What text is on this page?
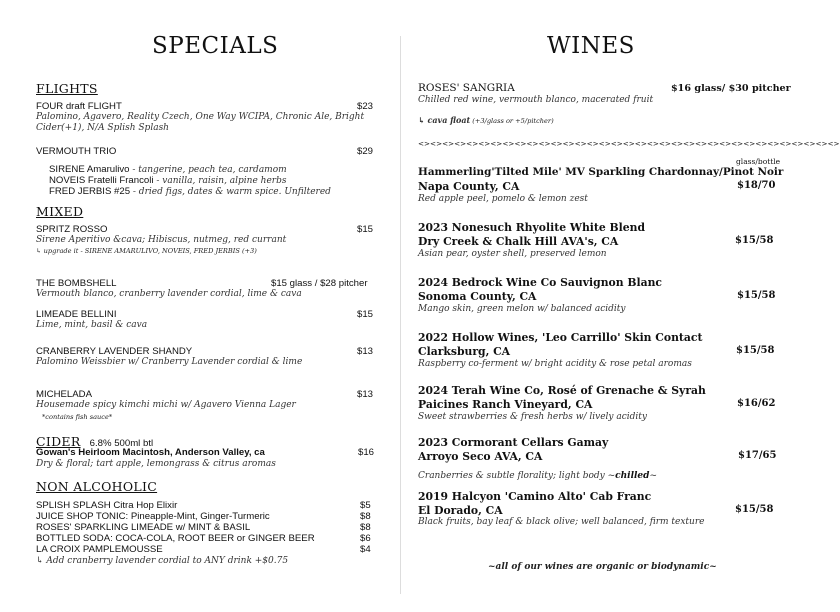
SPECIALS
FLIGHTS
FOUR draft FLIGHT	$23
Palomino, Agavero, Reality Czech, One Way WCIPA, Chronic Ale, Bright Cider(+1), N/A Splish Splash
VERMOUTH TRIO	$29
SIRENE Amarulivo - tangerine, peach tea, cardamom
NOVEIS Fratelli Francoli - vanilla, raisin, alpine herbs
FRED JERBIS #25 - dried figs, dates & warm spice. Unfiltered
MIXED
SPRITZ ROSSO	$15
Sirene Aperitivo &cava; Hibiscus, nutmeg, red currant
↳ upgrade it - SIRENE AMARULIVO, NOVEIS, FRED JERBIS (+3)
THE BOMBSHELL	$15 glass / $28 pitcher
Vermouth blanco, cranberry lavender cordial, lime & cava
LIMEADE BELLINI	$15
Lime, mint, basil & cava
CRANBERRY LAVENDER SHANDY	$13
Palomino Weissbier w/ Cranberry Lavender cordial & lime
MICHELADA	$13
Housemade spicy kimchi michi w/ Agavero Vienna Lager
*contains fish sauce*
CIDER 6.8% 500ml btl
Gowan's Heirloom Macintosh, Anderson Valley, ca	$16
Dry & floral; tart apple, lemongrass & citrus aromas
NON ALCOHOLIC
SPLISH SPLASH Citra Hop Elixir	$5
JUICE SHOP TONIC: Pineapple-Mint, Ginger-Turmeric	$8
ROSES' SPARKLING LIMEADE w/ MINT & BASIL	$8
BOTTLED SODA: COCA-COLA, ROOT BEER or GINGER BEER	$6
LA CROIX PAMPLEMOUSSE	$4
↳ Add cranberry lavender cordial to ANY drink +$0.75
WINES
ROSES' SANGRIA	$16 glass/ $30 pitcher
Chilled red wine, vermouth blanco, macerated fruit
↳ cava float (+3/glass or +5/pitcher)
<><><><><><><><><><><><><><><><><><><><><><><><><><><><><><><><><><><>
glass/bottle
Hammerling'Tilted Mile' MV Sparkling Chardonnay/Pinot Noir
Napa County, CA	$18/70
Red apple peel, pomelo & lemon zest
2023 Nonesuch Rhyolite White Blend
Dry Creek & Chalk Hill AVA's, CA	$15/58
Asian pear, oyster shell, preserved lemon
2024 Bedrock Wine Co Sauvignon Blanc
Sonoma County, CA	$15/58
Mango skin, green melon w/ balanced acidity
2022 Hollow Wines, 'Leo Carrillo' Skin Contact
Clarksburg, CA	$15/58
Raspberry co-ferment w/ bright acidity & rose petal aromas
2024 Terah Wine Co, Rosé of Grenache & Syrah
Paicines Ranch Vineyard, CA	$16/62
Sweet strawberries & fresh herbs w/ lively acidity
2023 Cormorant Cellars Gamay
Arroyo Seco AVA, CA	$17/65
Cranberries & subtle florality; light body ~chilled~
2019 Halcyon 'Camino Alto' Cab Franc
El Dorado, CA	$15/58
Black fruits, bay leaf & black olive; well balanced, firm texture
~all of our wines are organic or biodynamic~
